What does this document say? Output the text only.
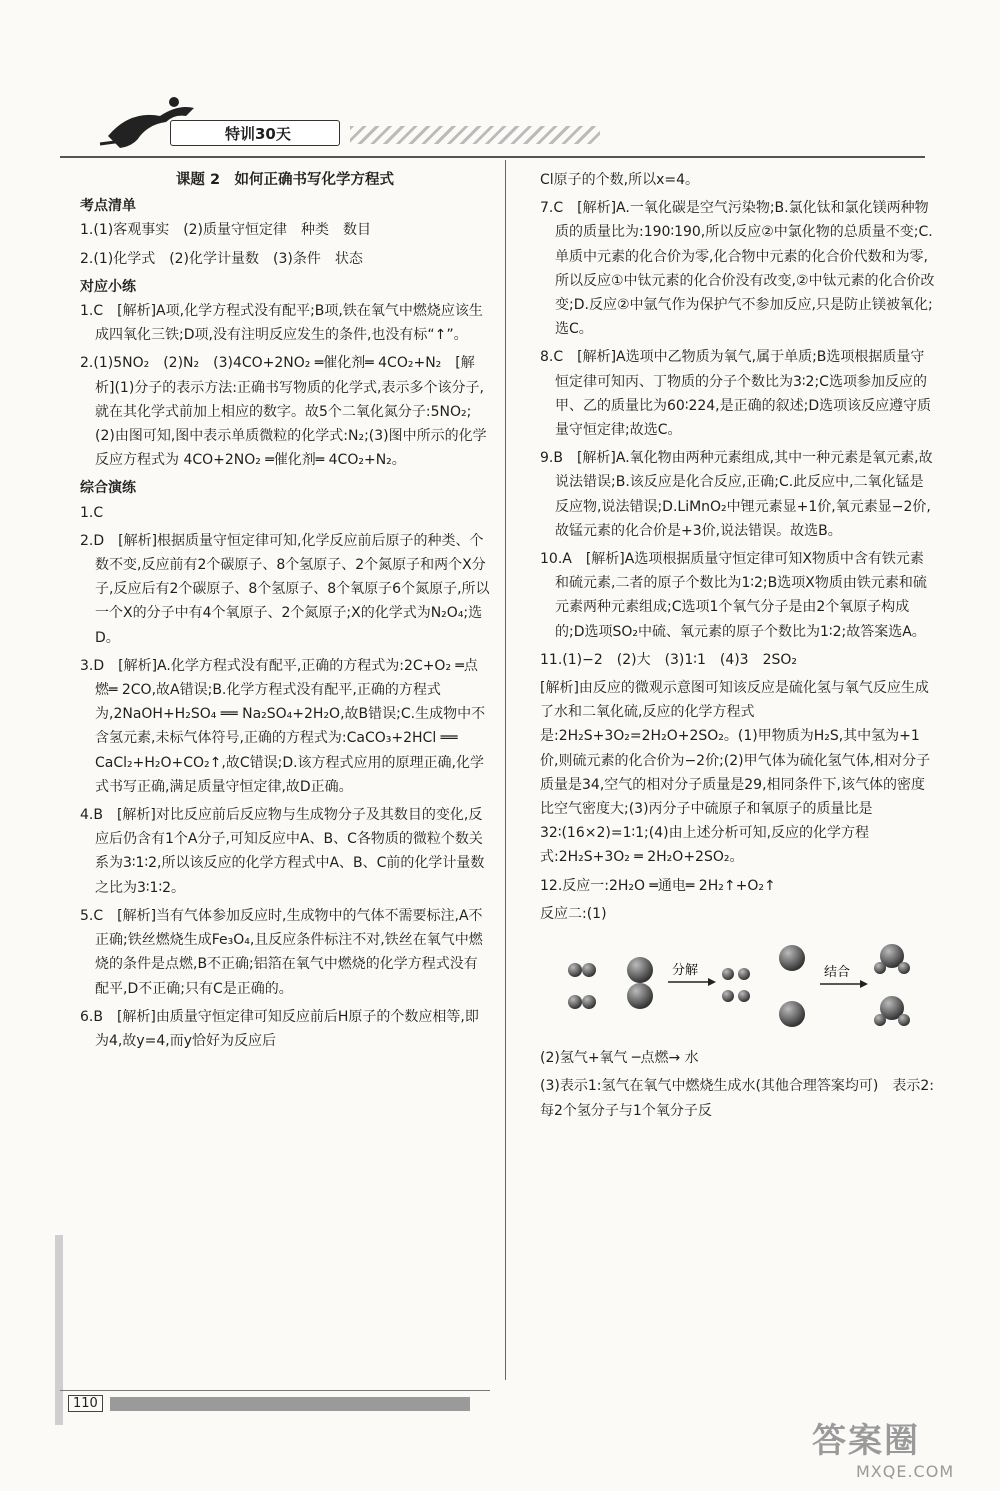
特训30天
课题 2　如何正确书写化学方程式
考点清单
1.(1)客观事实　(2)质量守恒定律　种类　数目
2.(1)化学式　(2)化学计量数　(3)条件　状态
对应小练
1.C　[解析]A项,化学方程式没有配平;B项,铁在氧气中燃烧应该生成四氧化三铁;D项,没有注明反应发生的条件,也没有标“↑”。
2.(1)5NO₂　(2)N₂　(3)4CO+2NO₂ ═催化剂═ 4CO₂+N₂　[解析](1)分子的表示方法:正确书写物质的化学式,表示多个该分子,就在其化学式前加上相应的数字。故5个二氧化氮分子:5NO₂;(2)由图可知,图中表示单质微粒的化学式:N₂;(3)图中所示的化学反应方程式为 4CO+2NO₂ ═催化剂═ 4CO₂+N₂。
综合演练
1.C
2.D　[解析]根据质量守恒定律可知,化学反应前后原子的种类、个数不变,反应前有2个碳原子、8个氢原子、2个氮原子和两个X分子,反应后有2个碳原子、8个氢原子、8个氧原子6个氮原子,所以一个X的分子中有4个氧原子、2个氮原子;X的化学式为N₂O₄;选D。
3.D　[解析]A.化学方程式没有配平,正确的方程式为:2C+O₂ ═点燃═ 2CO,故A错误;B.化学方程式没有配平,正确的方程式为,2NaOH+H₂SO₄ ══ Na₂SO₄+2H₂O,故B错误;C.生成物中不含氢元素,未标气体符号,正确的方程式为:CaCO₃+2HCl ══ CaCl₂+H₂O+CO₂↑,故C错误;D.该方程式应用的原理正确,化学式书写正确,满足质量守恒定律,故D正确。
4.B　[解析]对比反应前后反应物与生成物分子及其数目的变化,反应后仍含有1个A分子,可知反应中A、B、C各物质的微粒个数关系为3∶1∶2,所以该反应的化学方程式中A、B、C前的化学计量数之比为3∶1∶2。
5.C　[解析]当有气体参加反应时,生成物中的气体不需要标注,A不正确;铁丝燃烧生成Fe₃O₄,且反应条件标注不对,铁丝在氧气中燃烧的条件是点燃,B不正确;铝箔在氧气中燃烧的化学方程式没有配平,D不正确;只有C是正确的。
6.B　[解析]由质量守恒定律可知反应前后H原子的个数应相等,即为4,故y=4,而y恰好为反应后
Cl原子的个数,所以x=4。
7.C　[解析]A.一氧化碳是空气污染物;B.氯化钛和氯化镁两种物质的质量比为:190∶190,所以反应②中氯化物的总质量不变;C.单质中元素的化合价为零,化合物中元素的化合价代数和为零,所以反应①中钛元素的化合价没有改变,②中钛元素的化合价改变;D.反应②中氩气作为保护气不参加反应,只是防止镁被氧化;选C。
8.C　[解析]A选项中乙物质为氧气,属于单质;B选项根据质量守恒定律可知丙、丁物质的分子个数比为3∶2;C选项参加反应的甲、乙的质量比为60∶224,是正确的叙述;D选项该反应遵守质量守恒定律;故选C。
9.B　[解析]A.氧化物由两种元素组成,其中一种元素是氧元素,故说法错误;B.该反应是化合反应,正确;C.此反应中,二氧化锰是反应物,说法错误;D.LiMnO₂中锂元素显+1价,氧元素显−2价,故锰元素的化合价是+3价,说法错误。故选B。
10.A　[解析]A选项根据质量守恒定律可知X物质中含有铁元素和硫元素,二者的原子个数比为1∶2;B选项X物质由铁元素和硫元素两种元素组成;C选项1个氧气分子是由2个氧原子构成的;D选项SO₂中硫、氧元素的原子个数比为1∶2;故答案选A。
11.(1)−2　(2)大　(3)1∶1　(4)3　2SO₂
[解析]由反应的微观示意图可知该反应是硫化氢与氧气反应生成了水和二氧化硫,反应的化学方程式是:2H₂S+3O₂=2H₂O+2SO₂。(1)甲物质为H₂S,其中氢为+1价,则硫元素的化合价为−2价;(2)甲气体为硫化氢气体,相对分子质量是34,空气的相对分子质量是29,相同条件下,该气体的密度比空气密度大;(3)丙分子中硫原子和氧原子的质量比是32∶(16×2)=1∶1;(4)由上述分析可知,反应的化学方程式:2H₂S+3O₂ ═ 2H₂O+2SO₂。
12.反应一:2H₂O ═通电═ 2H₂↑+O₂↑
反应二:(1)
分解	结合
(2)氢气+氧气 ─点燃→ 水
(3)表示1:氢气在氧气中燃烧生成水(其他合理答案均可)　表示2:每2个氢分子与1个氧分子反
110
答案圈
MXQE.COM
